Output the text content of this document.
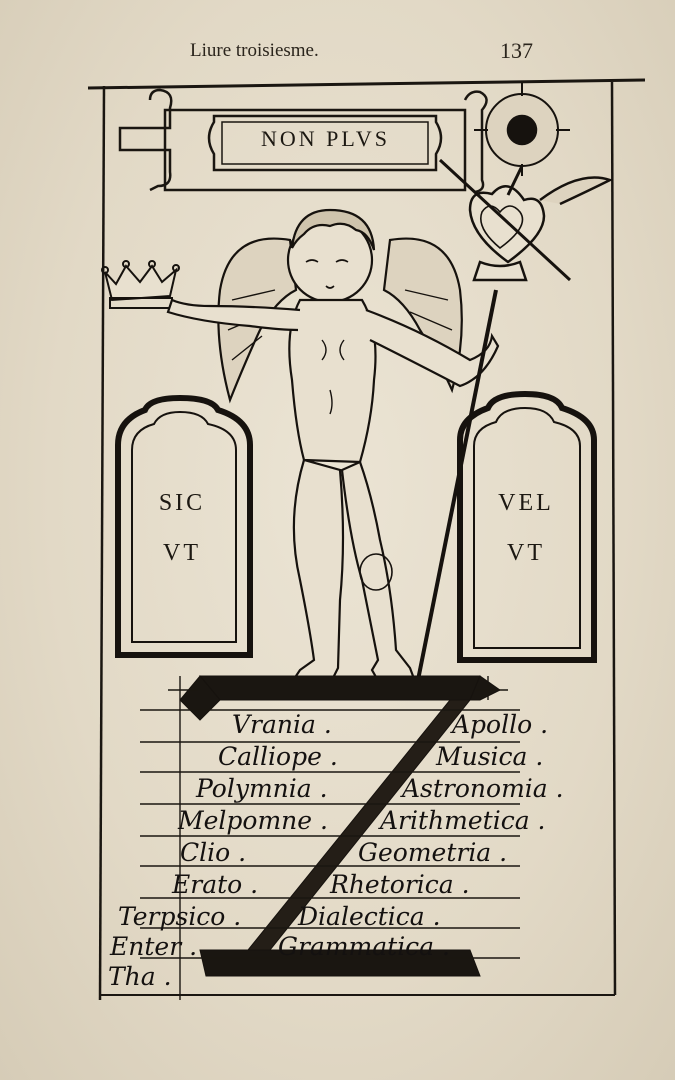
Liure troisiesme.	137
NON PLVS
SIC
VT
VEL
VT
Vrania .
Calliope .
Polymnia .
Melpomne .
Clio .
Erato .
Terpsico .
Enter .
Tha .
Apollo .
Musica .
Astronomia .
Arithmetica .
Geometria .
Rhetorica .
Dialectica .
Grammatica .
